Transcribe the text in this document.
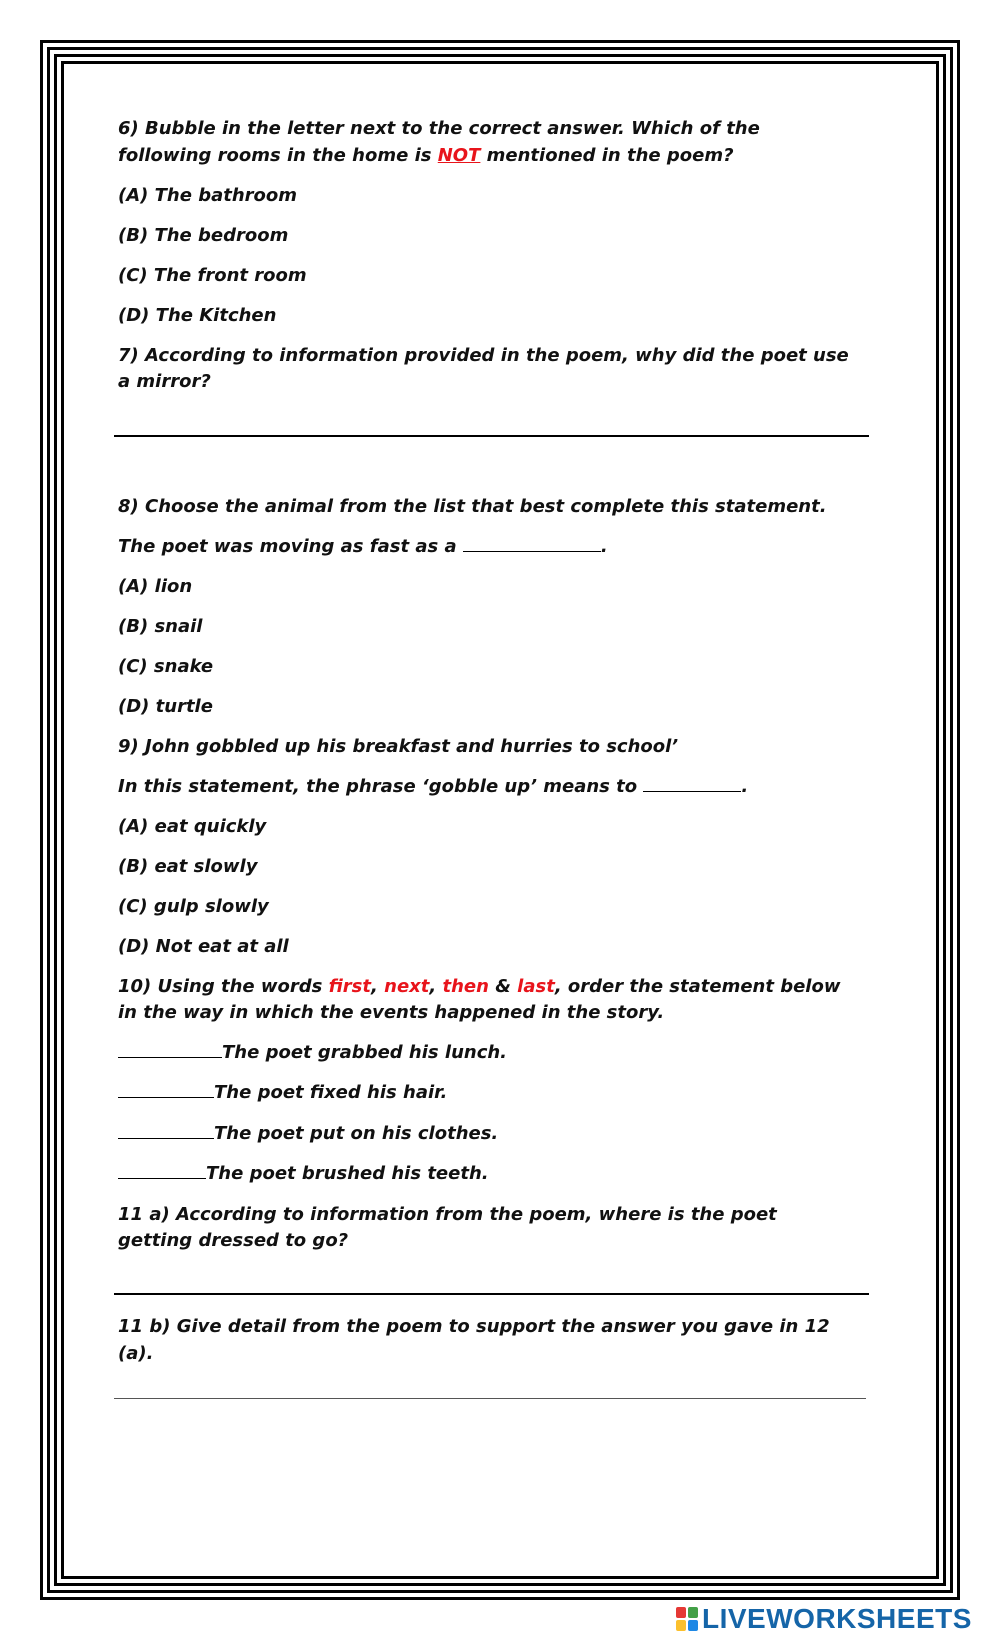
6) Bubble in the letter next to the correct answer. Which of the

following rooms in the home is NOT mentioned in the poem?

(A) The bathroom

(B) The bedroom

(C) The front room

(D) The Kitchen

7) According to information provided in the poem, why did the poet use

a mirror?

8) Choose the animal from the list that best complete this statement.

The poet was moving as fast as a	.

(A) lion

(B) snail

(C) snake

(D) turtle

9) John gobbled up his breakfast and hurries to school’

In this statement, the phrase ‘gobble up’ means to	.

(A) eat quickly

(B) eat slowly

(C) gulp slowly

(D) Not eat at all

10) Using the words first, next, then & last, order the statement below

in the way in which the events happened in the story.

The poet grabbed his lunch.

The poet fixed his hair.

The poet put on his clothes.

The poet brushed his teeth.

11 a) According to information from the poem, where is the poet

getting dressed to go?

11 b) Give detail from the poem to support the answer you gave in 12

(a).

LIVEWORKSHEETS
